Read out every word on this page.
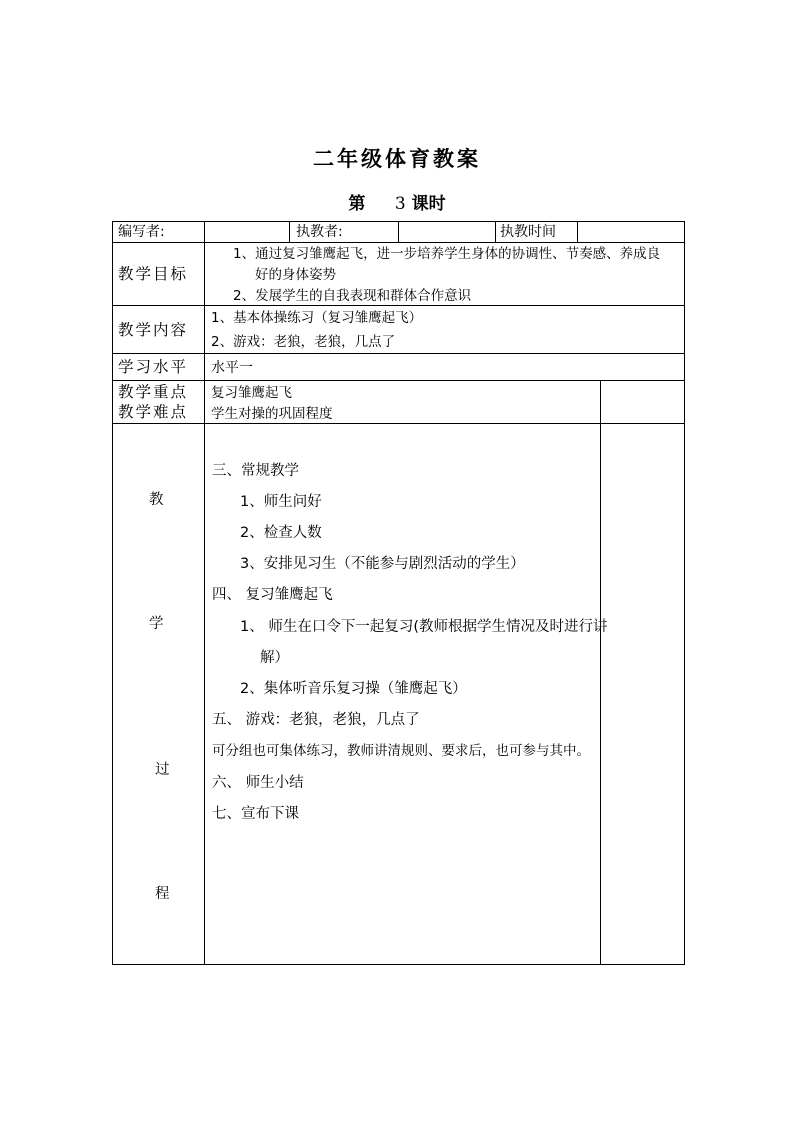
二年级体育教案
第 3 课时
编写者:	执教者:	执教时间
教学目标
1、通过复习雏鹰起飞，进一步培养学生身体的协调性、节奏感、养成良
好的身体姿势
2、发展学生的自我表现和群体合作意识
教学内容
1、基本体操练习（复习雏鹰起飞）
2、游戏：老狼，老狼，几点了
学习水平 水平一
教学重点
教学难点
复习雏鹰起飞
学生对操的巩固程度
教
学
过
程
三、常规教学
1、师生问好
2、检查人数
3、安排见习生（不能参与剧烈活动的学生）
四、 复习雏鹰起飞
1、 师生在口令下一起复习(教师根据学生情况及时进行讲
解）
2、集体听音乐复习操（雏鹰起飞）
五、 游戏：老狼，老狼，几点了
可分组也可集体练习，教师讲清规则、要求后，也可参与其中。
六、 师生小结
七、宣布下课
